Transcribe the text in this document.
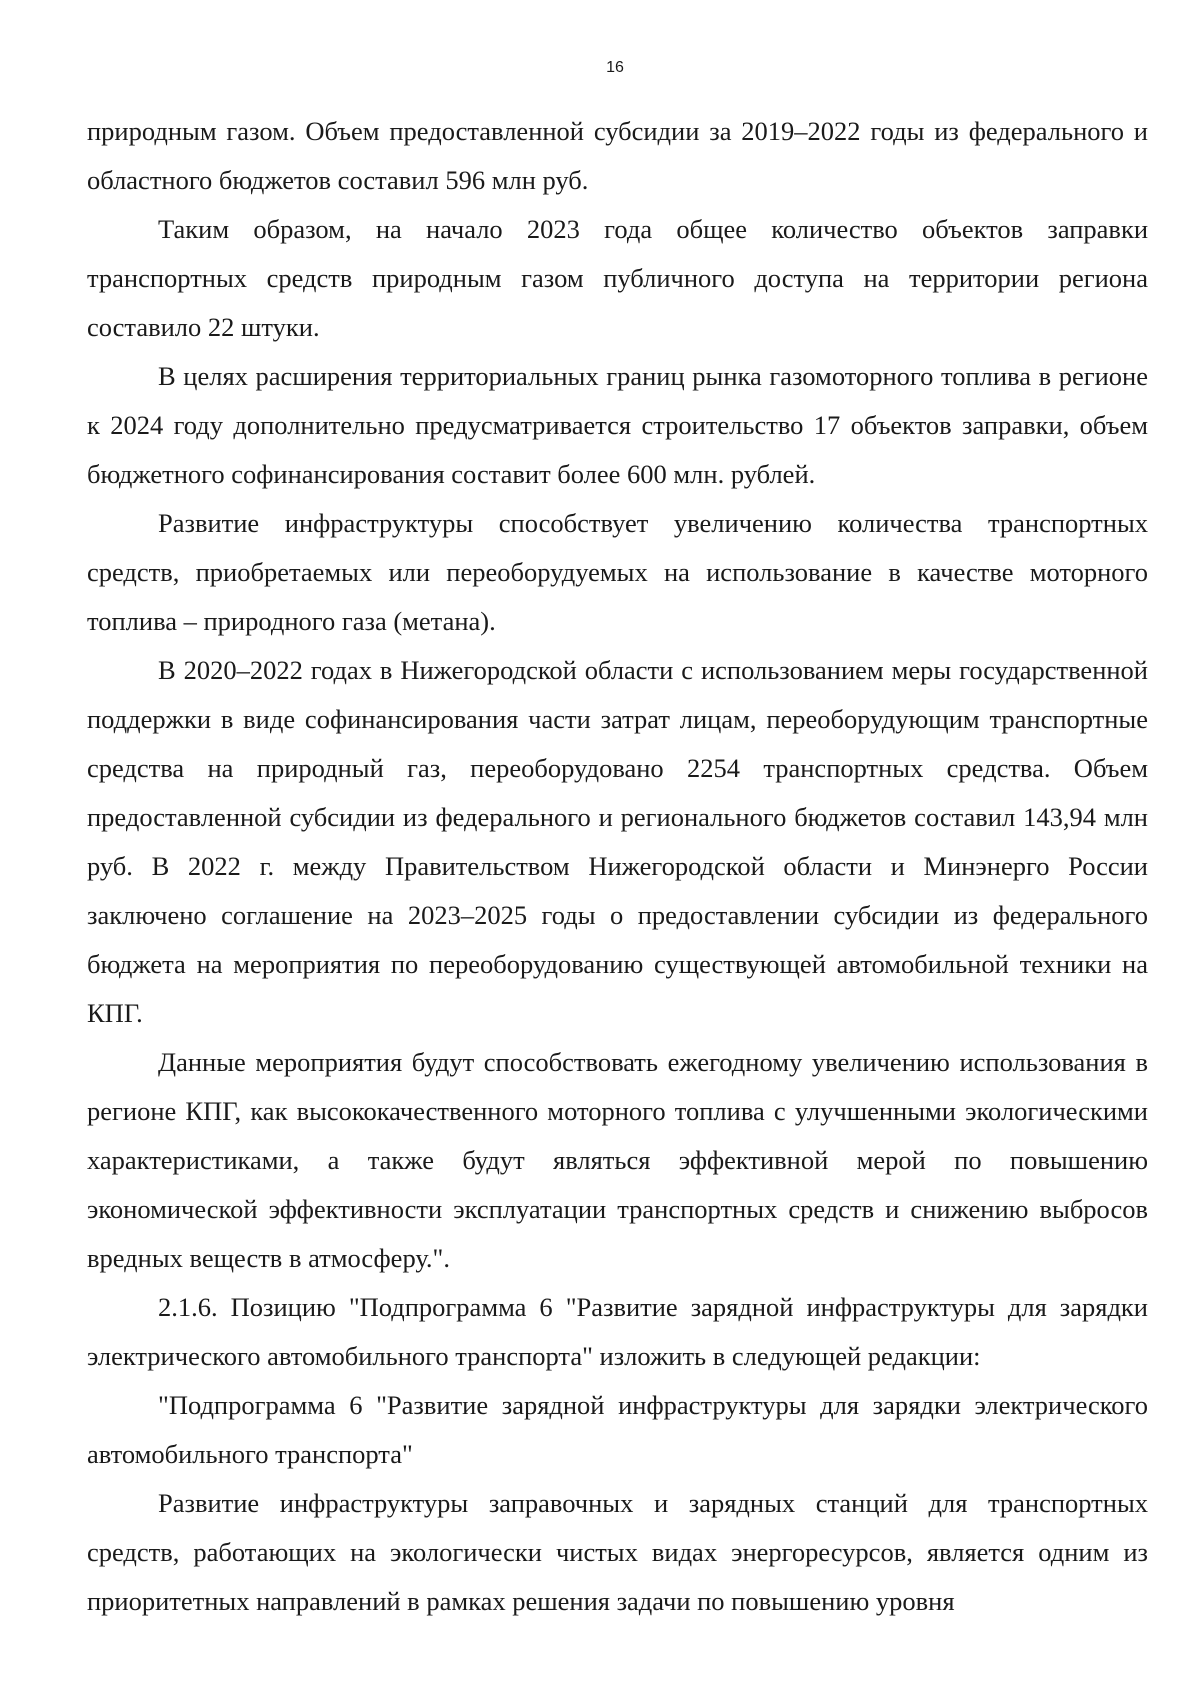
16

природным газом. Объем предоставленной субсидии за 2019–2022 годы из федерального и областного бюджетов составил 596 млн руб.

Таким образом, на начало 2023 года общее количество объектов заправки транспортных средств природным газом публичного доступа на территории региона составило 22 штуки.

В целях расширения территориальных границ рынка газомоторного топлива в регионе к 2024 году дополнительно предусматривается строительство 17 объектов заправки, объем бюджетного софинансирования составит более 600 млн. рублей.

Развитие инфраструктуры способствует увеличению количества транспортных средств, приобретаемых или переоборудуемых на использование в качестве моторного топлива – природного газа (метана).

В 2020–2022 годах в Нижегородской области с использованием меры государственной поддержки в виде софинансирования части затрат лицам, переоборудующим транспортные средства на природный газ, переоборудовано 2254 транспортных средства. Объем предоставленной субсидии из федерального и регионального бюджетов составил 143,94 млн руб. В 2022 г. между Правительством Нижегородской области и Минэнерго России заключено соглашение на 2023–2025 годы о предоставлении субсидии из федерального бюджета на мероприятия по переоборудованию существующей автомобильной техники на КПГ.

Данные мероприятия будут способствовать ежегодному увеличению использования в регионе КПГ, как высококачественного моторного топлива с улучшенными экологическими характеристиками, а также будут являться эффективной мерой по повышению экономической эффективности эксплуатации транспортных средств и снижению выбросов вредных веществ в атмосферу.".

2.1.6. Позицию "Подпрограмма 6 "Развитие зарядной инфраструктуры для зарядки электрического автомобильного транспорта" изложить в следующей редакции:

"Подпрограмма 6 "Развитие зарядной инфраструктуры для зарядки электрического автомобильного транспорта"

Развитие инфраструктуры заправочных и зарядных станций для транспортных средств, работающих на экологически чистых видах энергоресурсов, является одним из приоритетных направлений в рамках решения задачи по повышению уровня
